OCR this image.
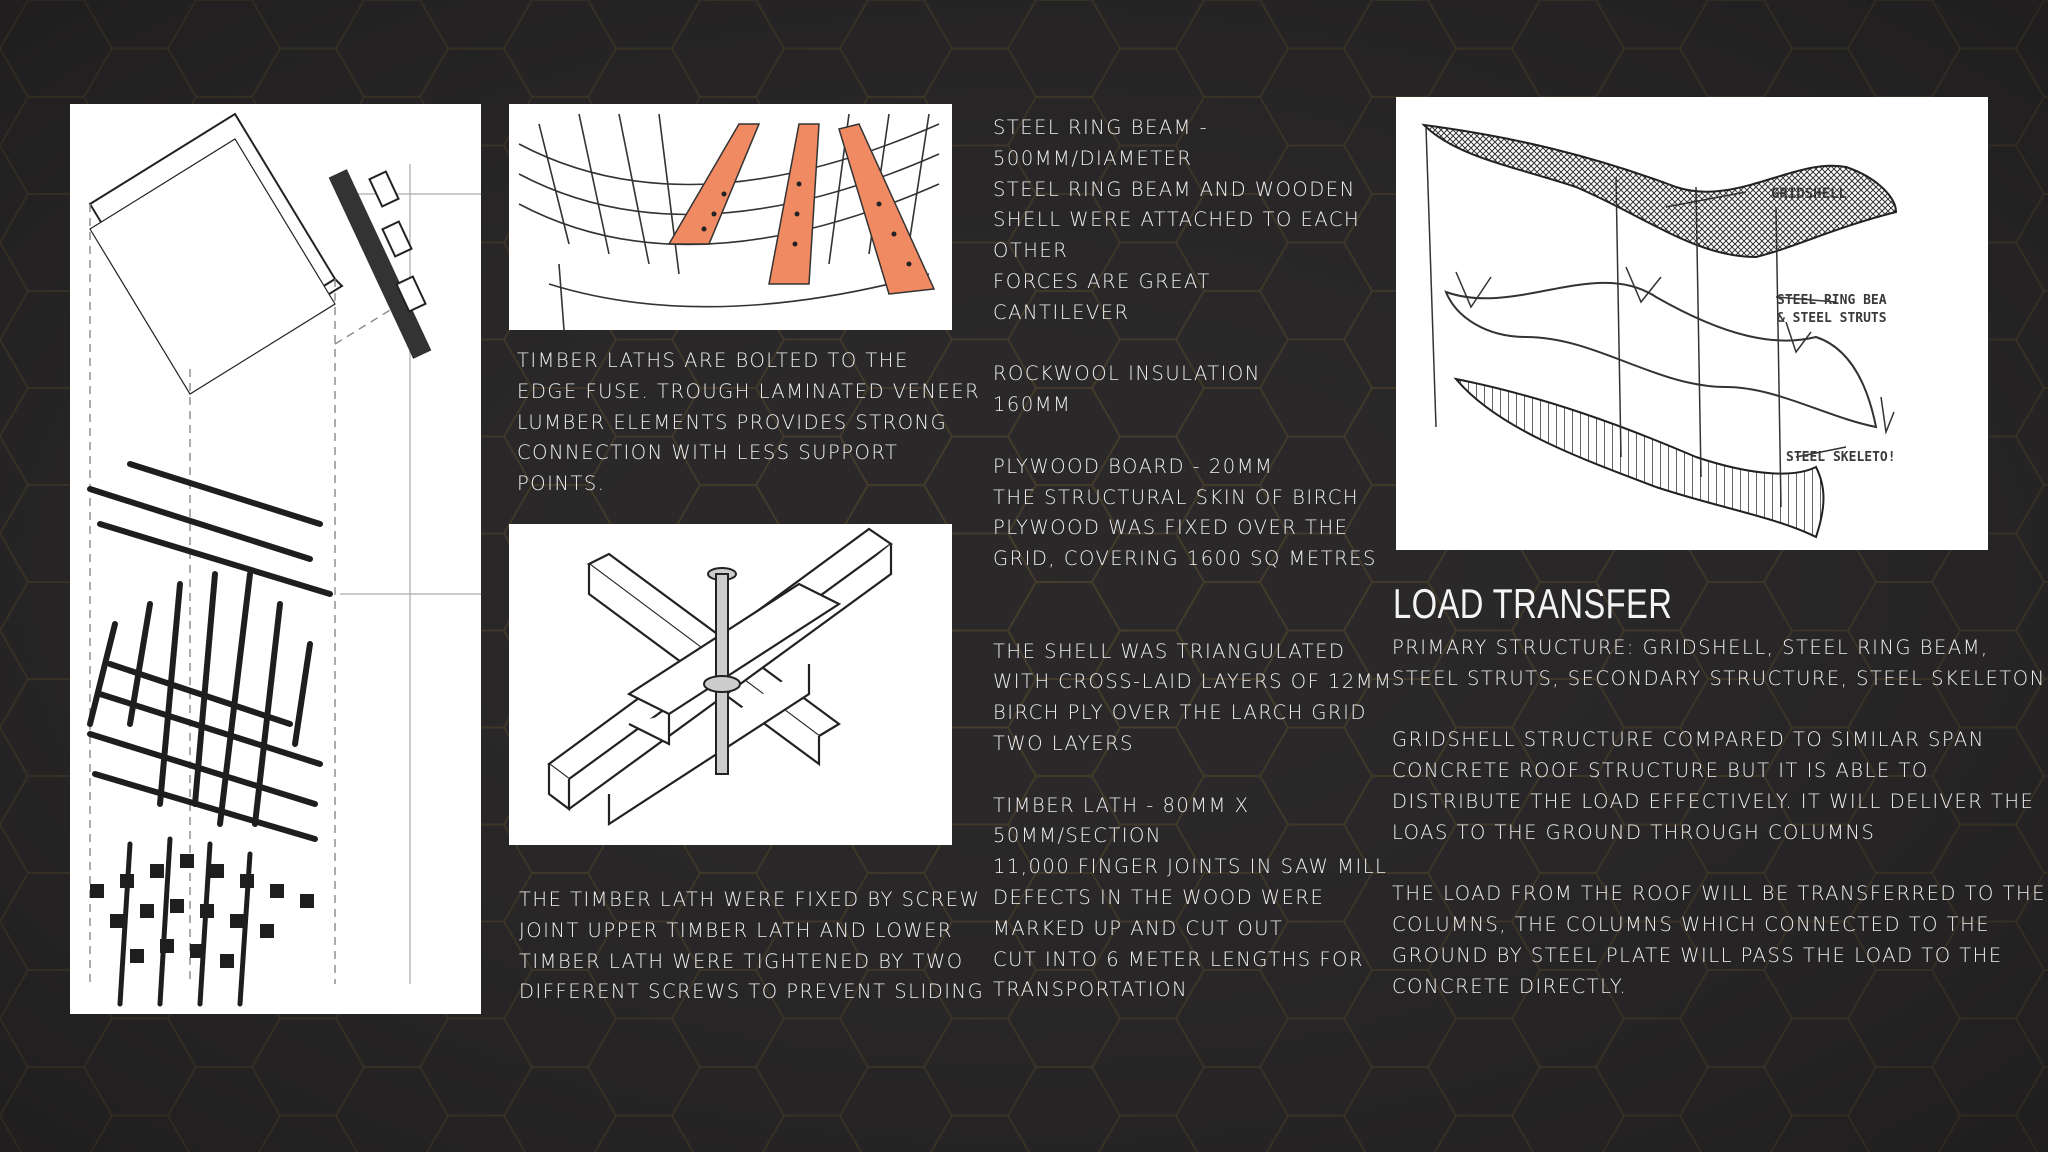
TIMBER LATHS ARE BOLTED TO THE
EDGE FUSE. TROUGH LAMINATED VENEER
LUMBER ELEMENTS PROVIDES STRONG
CONNECTION WITH LESS SUPPORT
POINTS.
THE TIMBER LATH WERE FIXED BY SCREW
JOINT UPPER TIMBER LATH AND LOWER
TIMBER LATH WERE TIGHTENED BY TWO
DIFFERENT SCREWS TO PREVENT SLIDING
STEEL RING BEAM -
500MM/DIAMETER
STEEL RING BEAM AND WOODEN
SHELL WERE ATTACHED TO EACH
OTHER
FORCES ARE GREAT
CANTILEVER
ROCKWOOL INSULATION
160MM
PLYWOOD BOARD - 20MM
THE STRUCTURAL SKIN OF BIRCH
PLYWOOD WAS FIXED OVER THE
GRID, COVERING 1600 SQ METRES
THE SHELL WAS TRIANGULATED
WITH CROSS-LAID LAYERS OF 12MM
BIRCH PLY OVER THE LARCH GRID
TWO LAYERS
TIMBER LATH - 80MM X
50MM/SECTION
11,000 FINGER JOINTS IN SAW MILL
DEFECTS IN THE WOOD WERE
MARKED UP AND CUT OUT
CUT INTO 6 METER LENGTHS FOR
TRANSPORTATION
GRIDSHELL
STEEL RING BEA
& STEEL STRUTS
STEEL SKELETO!
LOAD TRANSFER
PRIMARY STRUCTURE: GRIDSHELL, STEEL RING BEAM,
STEEL STRUTS, SECONDARY STRUCTURE, STEEL SKELETON
GRIDSHELL STRUCTURE COMPARED TO SIMILAR SPAN
CONCRETE ROOF STRUCTURE BUT IT IS ABLE TO
DISTRIBUTE THE LOAD EFFECTIVELY. IT WILL DELIVER THE
LOAS TO THE GROUND THROUGH COLUMNS
THE LOAD FROM THE ROOF WILL BE TRANSFERRED TO THE
COLUMNS, THE COLUMNS WHICH CONNECTED TO THE
GROUND BY STEEL PLATE WILL PASS THE LOAD TO THE
CONCRETE DIRECTLY.
